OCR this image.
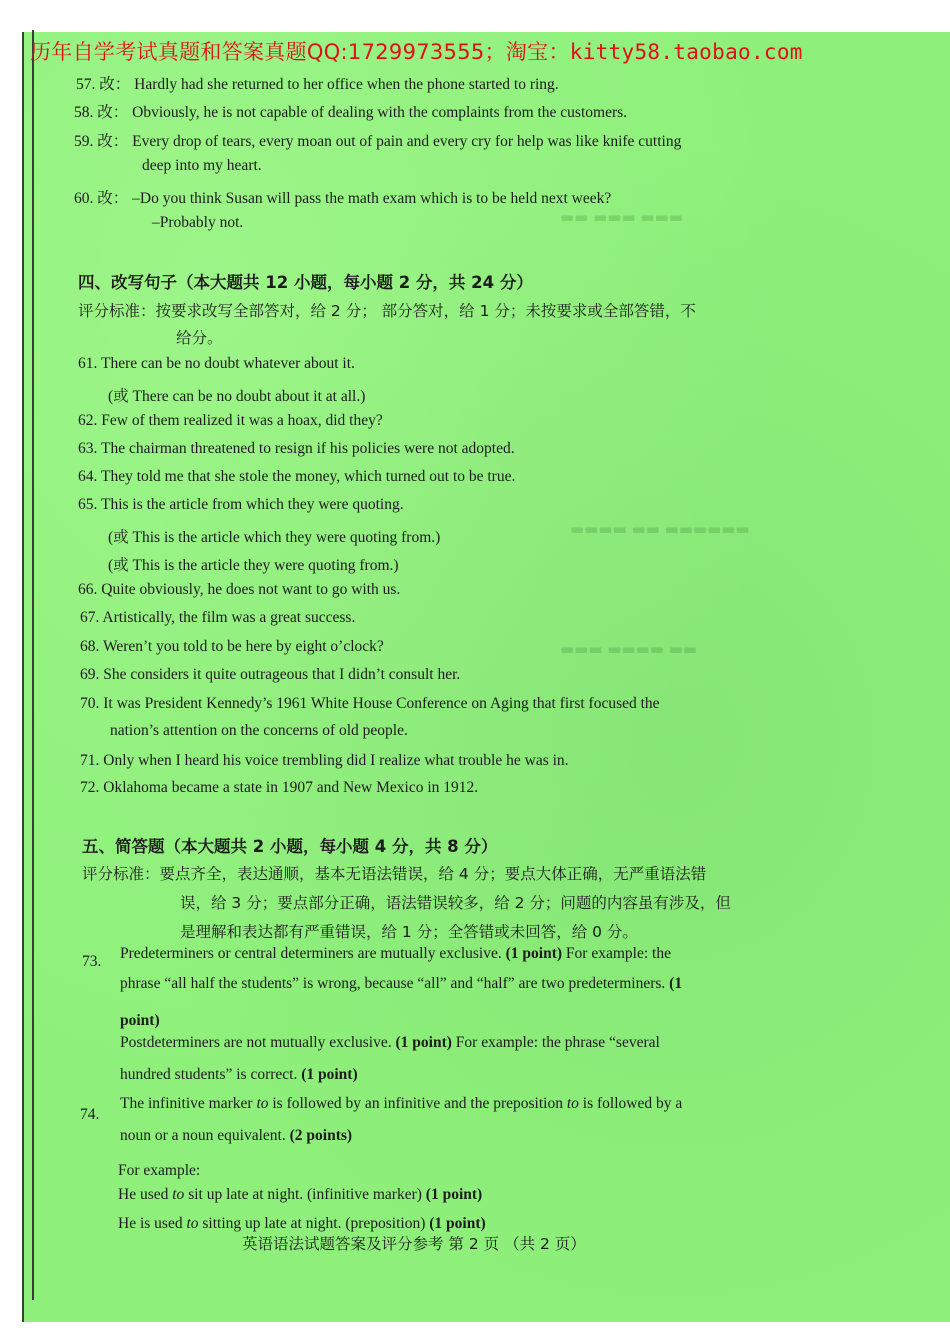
▬▬ ▬▬▬ ▬▬▬
▬▬▬▬ ▬▬ ▬▬▬▬▬▬
▬▬▬ ▬▬▬▬ ▬▬
历年自学考试真题和答案真题QQ:1729973555；淘宝：kitty58.taobao.com
57. 改： Hardly had she returned to her office when the phone started to ring.
58. 改： Obviously, he is not capable of dealing with the complaints from the customers.
59. 改： Every drop of tears, every moan out of pain and every cry for help was like knife cutting
deep into my heart.
60. 改： –Do you think Susan will pass the math exam which is to be held next week?
–Probably not.
四、改写句子（本大题共 12 小题，每小题 2 分，共 24 分）
评分标准：按要求改写全部答对，给 2 分； 部分答对，给 1 分；未按要求或全部答错，不
给分。
61. There can be no doubt whatever about it.
(或 There can be no doubt about it at all.)
62. Few of them realized it was a hoax, did they?
63. The chairman threatened to resign if his policies were not adopted.
64. They told me that she stole the money, which turned out to be true.
65. This is the article from which they were quoting.
(或 This is the article which they were quoting from.)
(或 This is the article they were quoting from.)
66. Quite obviously, he does not want to go with us.
67. Artistically, the film was a great success.
68. Weren’t you told to be here by eight o’clock?
69. She considers it quite outrageous that I didn’t consult her.
70. It was President Kennedy’s 1961 White House Conference on Aging that first focused the
nation’s attention on the concerns of old people.
71. Only when I heard his voice trembling did I realize what trouble he was in.
72. Oklahoma became a state in 1907 and New Mexico in 1912.
五、简答题（本大题共 2 小题，每小题 4 分，共 8 分）
评分标准：要点齐全，表达通顺，基本无语法错误，给 4 分；要点大体正确，无严重语法错
误，给 3 分；要点部分正确，语法错误较多，给 2 分；问题的内容虽有涉及，但
是理解和表达都有严重错误，给 1 分；全答错或未回答，给 0 分。
73. Predeterminers or central determiners are mutually exclusive. (1 point) For example: the
phrase “all half the students” is wrong, because “all” and “half” are two predeterminers. (1
point)
Postdeterminers are not mutually exclusive. (1 point) For example: the phrase “several
hundred students” is correct. (1 point)
74.
The infinitive marker to is followed by an infinitive and the preposition to is followed by a
noun or a noun equivalent. (2 points)
For example:
He used to sit up late at night. (infinitive marker) (1 point)
He is used to sitting up late at night. (preposition) (1 point)
英语语法试题答案及评分参考 第 2 页 （共 2 页）
